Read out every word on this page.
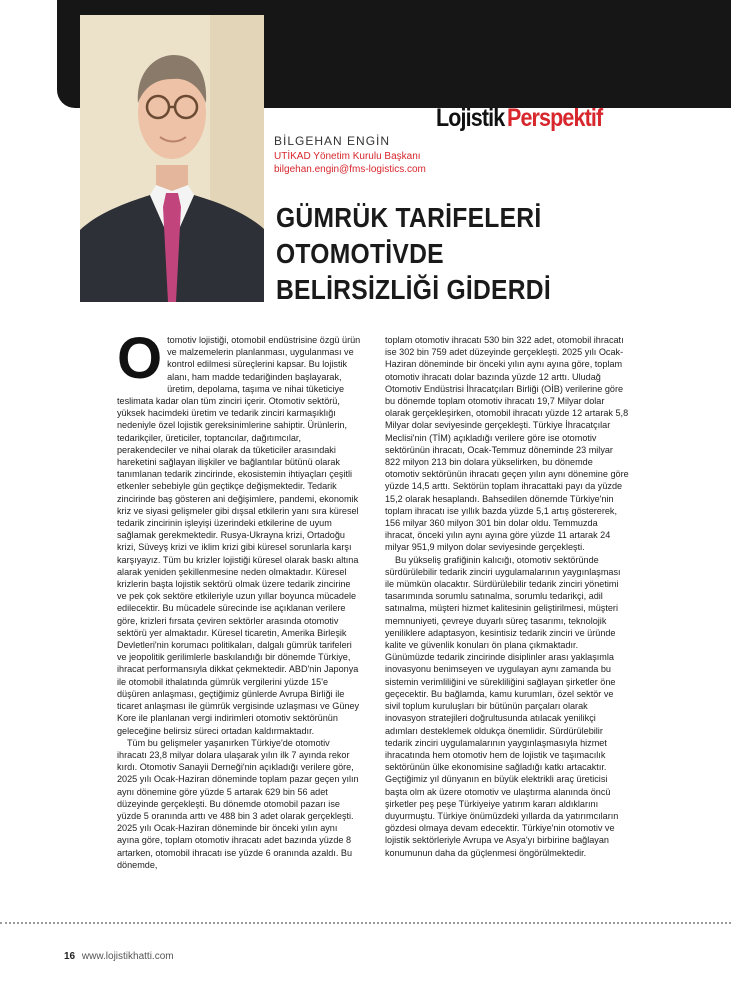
Lojistik Perspektif
BİLGEHAN ENGİN
UTİKAD Yönetim Kurulu Başkanı
bilgehan.engin@fms-logistics.com
GÜMRÜK TARİFELERİ
OTOMOTİVDE
BELİRSİZLİĞİ GİDERDİ
O tomotiv lojistiği, otomobil endüstrisine özgü ürün ve malzemelerin planlanması, uygulanması ve kontrol edilmesi süreçlerini kapsar. Bu lojistik alanı, ham madde tedariğinden başlayarak, üretim, depolama, taşıma ve nihai tüketiciye teslimata kadar olan tüm zinciri içerir. Otomotiv sektörü, yüksek hacimdeki üretim ve tedarik zinciri karmaşıklığı nedeniyle özel lojistik gereksinimlerine sahiptir. Ürünlerin, tedarikçiler, üreticiler, toptancılar, dağıtımcılar, perakendeciler ve nihai olarak da tüketiciler arasındaki hareketini sağlayan ilişkiler ve bağlantılar bütünü olarak tanımlanan tedarik zincirinde, ekosistemin ihtiyaçları çeşitli etkenler sebebiyle gün geçtikçe değişmektedir. Tedarik zincirinde baş gösteren ani değişimlere, pandemi, ekonomik kriz ve siyasi gelişmeler gibi dışsal etkilerin yanı sıra küresel tedarik zincirinin işleyişi üzerindeki etkilerine de uyum sağlamak gerekmektedir. Rusya-Ukrayna krizi, Ortadoğu krizi, Süveyş krizi ve iklim krizi gibi küresel sorunlarla karşı karşıyayız. Tüm bu krizler lojistiği küresel olarak baskı altına alarak yeniden şekillenmesine neden olmaktadır. Küresel krizlerin başta lojistik sektörü olmak üzere tedarik zincirine ve pek çok sektöre etkileriyle uzun yıllar boyunca mücadele edilecektir. Bu mücadele sürecinde ise açıklanan verilere göre, krizleri fırsata çeviren sektörler arasında otomotiv sektörü yer almaktadır. Küresel ticaretin, Amerika Birleşik Devletleri'nin korumacı politikaları, dalgalı gümrük tarifeleri ve jeopolitik gerilimlerle baskılandığı bir dönemde Türkiye, ihracat performansıyla dikkat çekmektedir. ABD'nin Japonya ile otomobil ithalatında gümrük vergilerini yüzde 15'e düşüren anlaşması, geçtiğimiz günlerde Avrupa Birliği ile ticaret anlaşması ile gümrük vergisinde uzlaşması ve Güney Kore ile planlanan vergi indirimleri otomotiv sektörünün geleceğine belirsiz süreci ortadan kaldırmaktadır.

Tüm bu gelişmeler yaşanırken Türkiye'de otomotiv ihracatı 23,8 milyar dolara ulaşarak yılın ilk 7 ayında rekor kırdı. Otomotiv Sanayii Derneği'nin açıkladığı verilere göre, 2025 yılı Ocak-Haziran döneminde toplam pazar geçen yılın aynı dönemine göre yüzde 5 artarak 629 bin 56 adet düzeyinde gerçekleşti. Bu dönemde otomobil pazarı ise yüzde 5 oranında arttı ve 488 bin 3 adet olarak gerçekleşti. 2025 yılı Ocak-Haziran döneminde bir önceki yılın aynı ayına göre, toplam otomotiv ihracatı adet bazında yüzde 8 artarken, otomobil ihracatı ise yüzde 6 oranında azaldı. Bu dönemde,

toplam otomotiv ihracatı 530 bin 322 adet, otomobil ihracatı ise 302 bin 759 adet düzeyinde gerçekleşti. 2025 yılı Ocak-Haziran döneminde bir önceki yılın aynı ayına göre, toplam otomotiv ihracatı dolar bazında yüzde 12 arttı. Uludağ Otomotiv Endüstrisi İhracatçıları Birliği (OİB) verilerine göre bu dönemde toplam otomotiv ihracatı 19,7 Milyar dolar olarak gerçekleşirken, otomobil ihracatı yüzde 12 artarak 5,8 Milyar dolar seviyesinde gerçekleşti. Türkiye İhracatçılar Meclisi'nin (TİM) açıkladığı verilere göre ise otomotiv sektörünün ihracatı, Ocak-Temmuz döneminde 23 milyar 822 milyon 213 bin dolara yükselirken, bu dönemde otomotiv sektörünün ihracatı geçen yılın aynı dönemine göre yüzde 14,5 arttı. Sektörün toplam ihracattaki payı da yüzde 15,2 olarak hesaplandı. Bahsedilen dönemde Türkiye'nin toplam ihracatı ise yıllık bazda yüzde 5,1 artış göstererek, 156 milyar 360 milyon 301 bin dolar oldu. Temmuzda ihracat, önceki yılın aynı ayına göre yüzde 11 artarak 24 milyar 951,9 milyon dolar seviyesinde gerçekleşti.

Bu yükseliş grafiğinin kalıcığı, otomotiv sektöründe sürdürülebilir tedarik zinciri uygulamalarının yaygınlaşması ile mümkün olacaktır. Sürdürülebilir tedarik zinciri yönetimi tasarımında sorumlu satınalma, sorumlu tedarikçi, adil satınalma, müşteri hizmet kalitesinin geliştirilmesi, müşteri memnuniyeti, çevreye duyarlı süreç tasarımı, teknolojik yeniliklere adaptasyon, kesintisiz tedarik zinciri ve üründe kalite ve güvenlik konuları ön plana çıkmaktadır. Günümüzde tedarik zincirinde disiplinler arası yaklaşımla inovasyonu benimseyen ve uygulayan aynı zamanda bu sistemin verimliliğini ve sürekliliğini sağlayan şirketler öne geçecektir. Bu bağlamda, kamu kurumları, özel sektör ve sivil toplum kuruluşları bir bütünün parçaları olarak inovasyon stratejileri doğrultusunda atılacak yenilikçi adımları desteklemek oldukça önemlidir. Sürdürülebilir tedarik zinciri uygulamalarının yaygınlaşmasıyla hizmet ihracatında hem otomotiv hem de lojistik ve taşımacılık sektörünün ülke ekonomisine sağladığı katkı artacaktır. Geçtiğimiz yıl dünyanın en büyük elektrikli araç üreticisi başta olm ak üzere otomotiv ve ulaştırma alanında öncü şirketler peş peşe Türkiyeiye yatırım kararı aldıklarını duyurmuştu. Türkiye önümüzdeki yıllarda da yatırımcıların gözdesi olmaya devam edecektir. Türkiye'nin otomotiv ve lojistik sektörleriyle Avrupa ve Asya'yı birbirine bağlayan konumunun daha da güçlenmesi öngörülmektedir.

16 www.lojistikhatti.com
